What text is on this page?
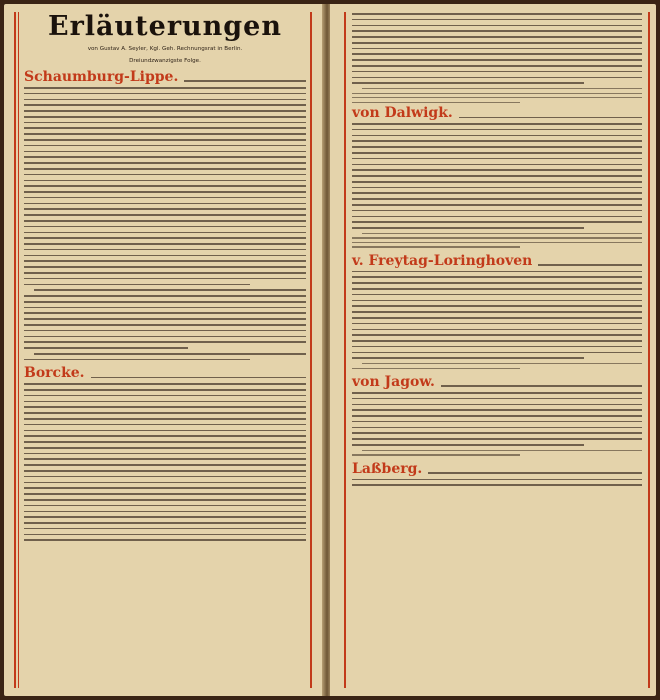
Erläuterungen

von Gustav A. Seyler, Kgl. Geh. Rechnungsrat in Berlin.

Dreiundzwanzigste Folge.

Schaumburg-Lippe.
Borcke.
von Dalwigk.
v. Freytag-Loringhoven
von Jagow.
Laßberg.
